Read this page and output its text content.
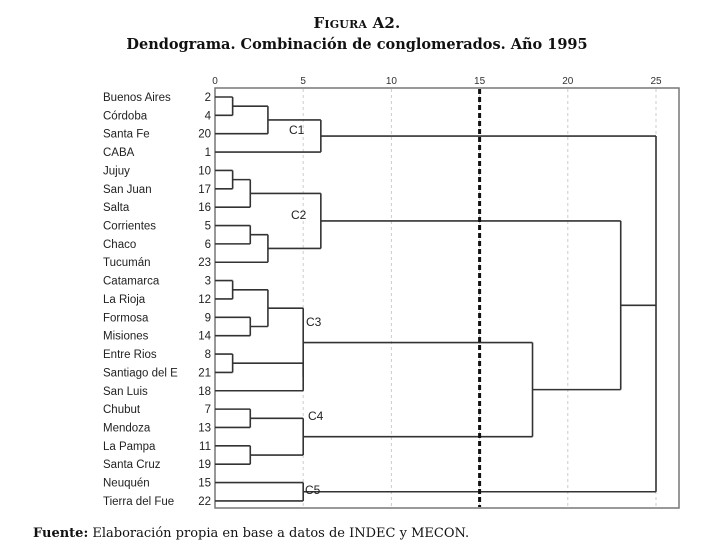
Figura A2.
Dendograma. Combinación de conglomerados. Año 1995
0	5	10	15	20	25
Buenos Aires	2
Córdoba	4
Santa Fe	20
CABA	1
Jujuy	10
San Juan	17
Salta	16
Corrientes	5
Chaco	6
Tucumán	23
Catamarca	3
La Rioja	12
Formosa	9
Misiones	14
Entre Rios	8
Santiago del E 21
San Luis	18
Chubut	7
Mendoza	13
La Pampa	11
Santa Cruz	19
Neuquén	15
Tierra del Fue 22
C1
C2
C3
C4
C5
Fuente: Elaboración propia en base a datos de INDEC y MECON.
